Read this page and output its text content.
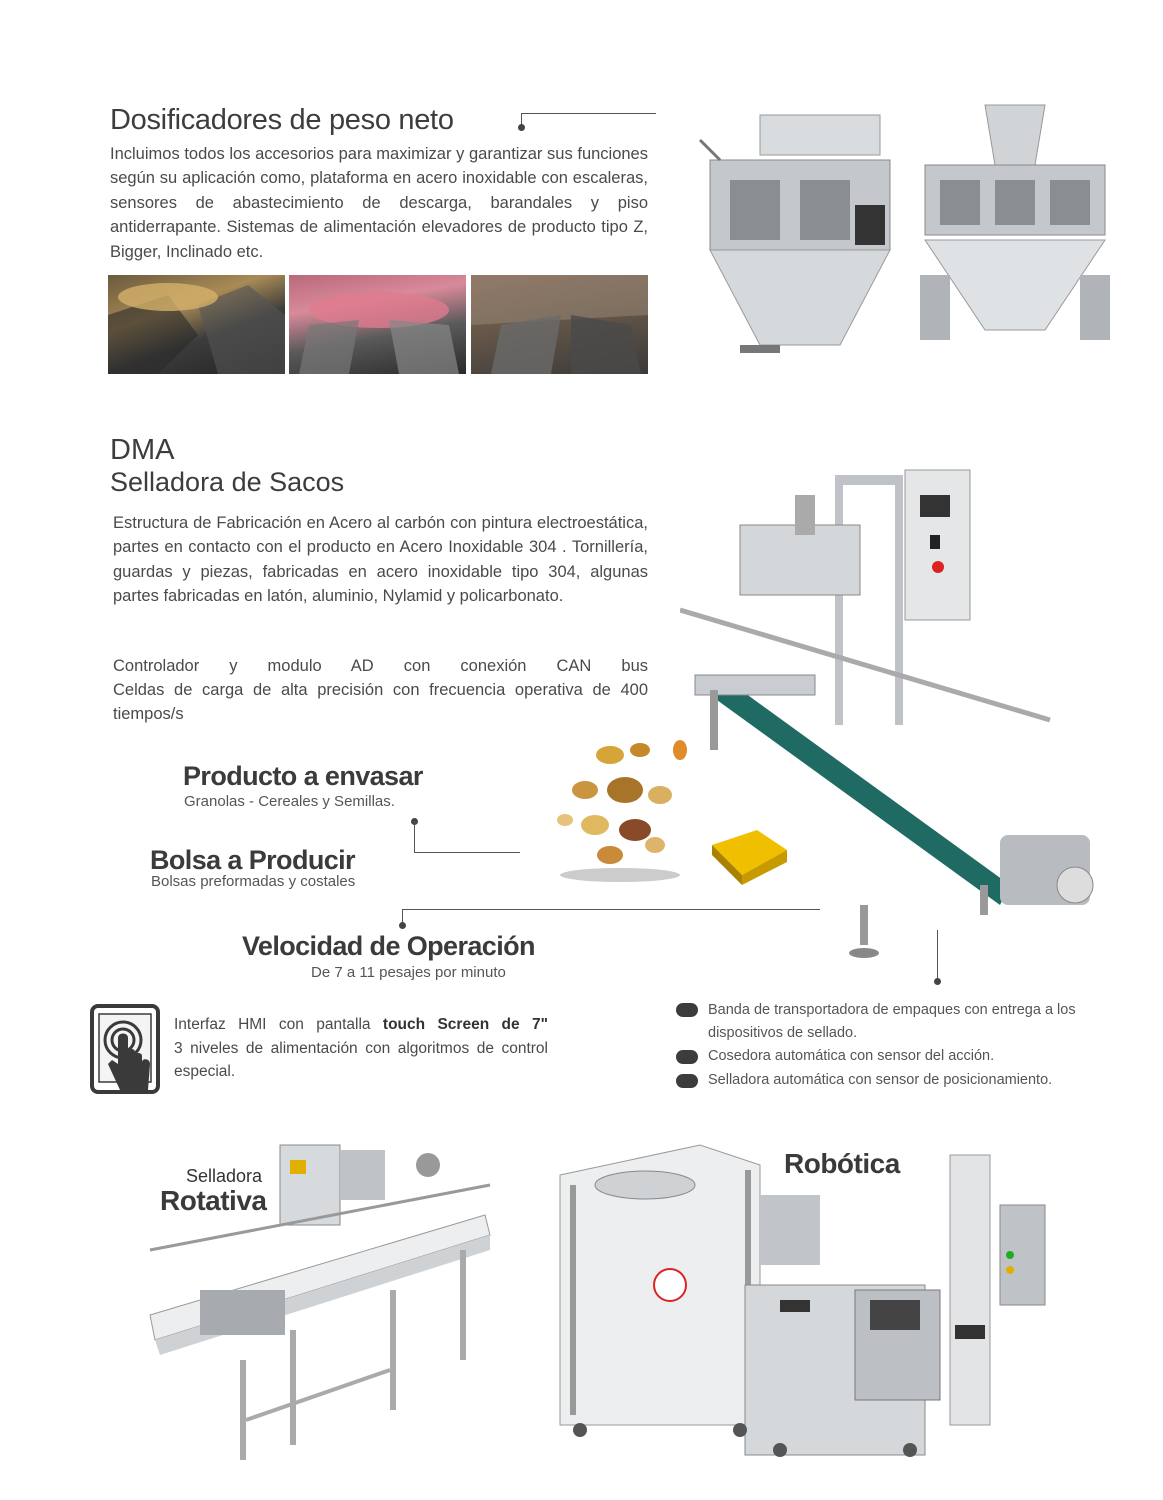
Dosificadores de peso neto
Incluimos todos los accesorios para maximizar y garantizar sus funciones según su aplicación como, plataforma en acero inoxidable con escaleras, sensores de abastecimiento de descarga, barandales y piso antiderrapante. Sistemas de alimentación elevadores de producto tipo Z, Bigger, Inclinado etc.
DMA
Selladora de Sacos
Estructura de Fabricación en Acero al carbón con pintura electroestática, partes en contacto con el producto en Acero Inoxidable 304 . Tornillería, guardas y piezas, fabricadas en acero inoxidable tipo 304, algunas partes fabricadas en latón, aluminio, Nylamid y policarbonato.
Controlador y modulo AD con conexión CAN bus
Celdas de carga de alta precisión con frecuencia operativa de 400 tiempos/s
Producto a envasar
Granolas - Cereales y Semillas.
Bolsa a Producir
Bolsas preformadas y costales
Velocidad de Operación
De 7 a 11 pesajes por minuto
Interfaz HMI con pantalla touch Screen de 7"
3 niveles de alimentación con algoritmos de control especial.
Banda de transportadora de empaques con entrega a los dispositivos de sellado.
Cosedora automática con sensor del acción.
Selladora automática con sensor de posicionamiento.
Selladora
Rotativa
Robótica
